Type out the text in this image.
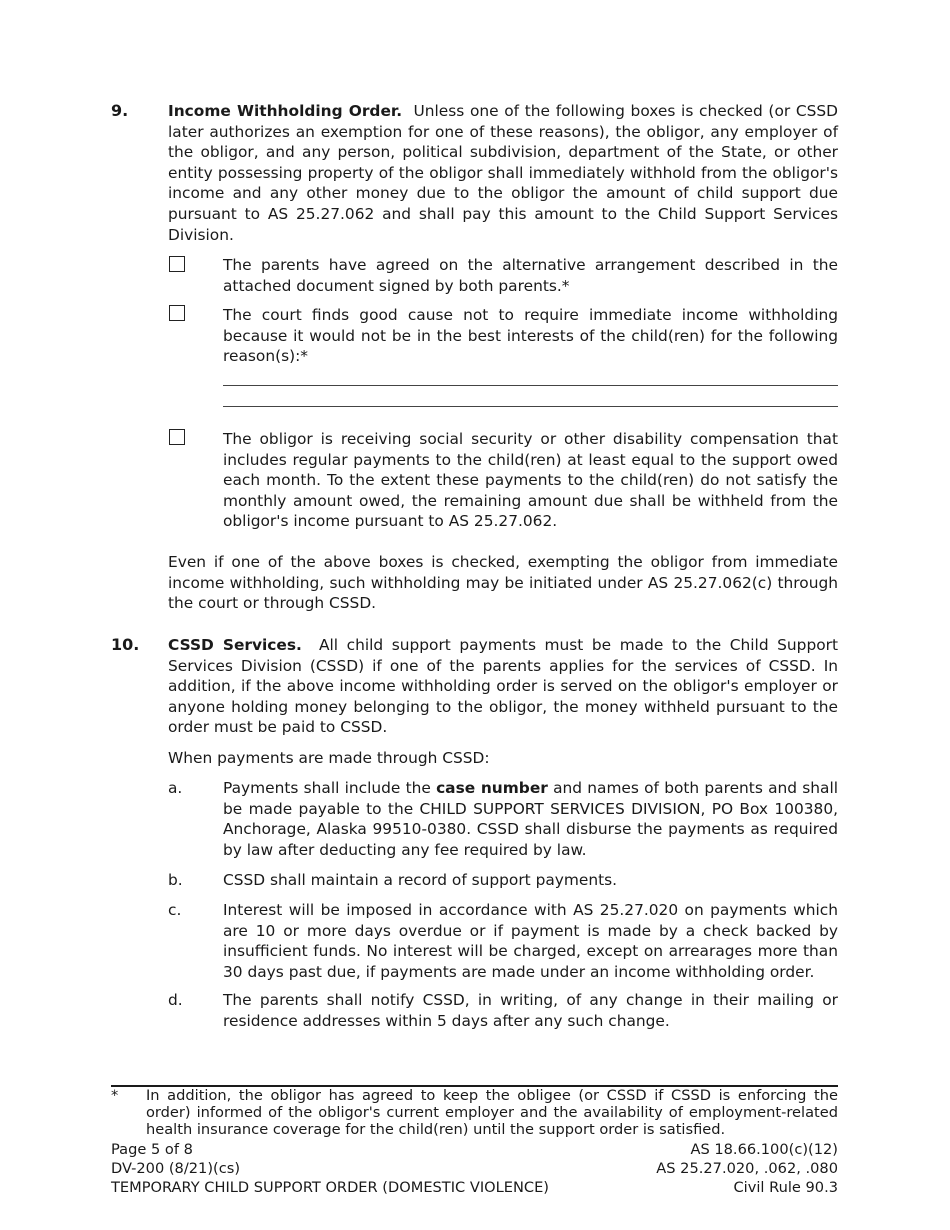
9.	Income Withholding Order. Unless one of the following boxes is checked (or CSSD later authorizes an exemption for one of these reasons), the obligor, any employer of the obligor, and any person, political subdivision, department of the State, or other entity possessing property of the obligor shall immediately withhold from the obligor's income and any other money due to the obligor the amount of child support due pursuant to AS 25.27.062 and shall pay this amount to the Child Support Services Division.

The parents have agreed on the alternative arrangement described in the attached document signed by both parents.*

The court finds good cause not to require immediate income withholding because it would not be in the best interests of the child(ren) for the following reason(s):*

The obligor is receiving social security or other disability compensation that includes regular payments to the child(ren) at least equal to the support owed each month. To the extent these payments to the child(ren) do not satisfy the monthly amount owed, the remaining amount due shall be withheld from the obligor's income pursuant to AS 25.27.062.

Even if one of the above boxes is checked, exempting the obligor from immediate income withholding, such withholding may be initiated under AS 25.27.062(c) through the court or through CSSD.

10. CSSD Services. All child support payments must be made to the Child Support Services Division (CSSD) if one of the parents applies for the services of CSSD. In addition, if the above income withholding order is served on the obligor's employer or anyone holding money belonging to the obligor, the money withheld pursuant to the order must be paid to CSSD.

When payments are made through CSSD:
a.	Payments shall include the case number and names of both parents and shall be made payable to the CHILD SUPPORT SERVICES DIVISION, PO Box 100380, Anchorage, Alaska 99510-0380. CSSD shall disburse the payments as required by law after deducting any fee required by law.

b.	CSSD shall maintain a record of support payments.

c.	Interest will be imposed in accordance with AS 25.27.020 on payments which are 10 or more days overdue or if payment is made by a check backed by insufficient funds. No interest will be charged, except on arrearages more than 30 days past due, if payments are made under an income withholding order.

d.	The parents shall notify CSSD, in writing, of any change in their mailing or residence addresses within 5 days after any such change.

* In addition, the obligor has agreed to keep the obligee (or CSSD if CSSD is enforcing the order) informed of the obligor's current employer and the availability of employment-related health insurance coverage for the child(ren) until the support order is satisfied.

Page 5 of 8
DV-200 (8/21)(cs)
TEMPORARY CHILD SUPPORT ORDER (DOMESTIC VIOLENCE)
AS 18.66.100(c)(12)
AS 25.27.020, .062, .080
Civil Rule 90.3
